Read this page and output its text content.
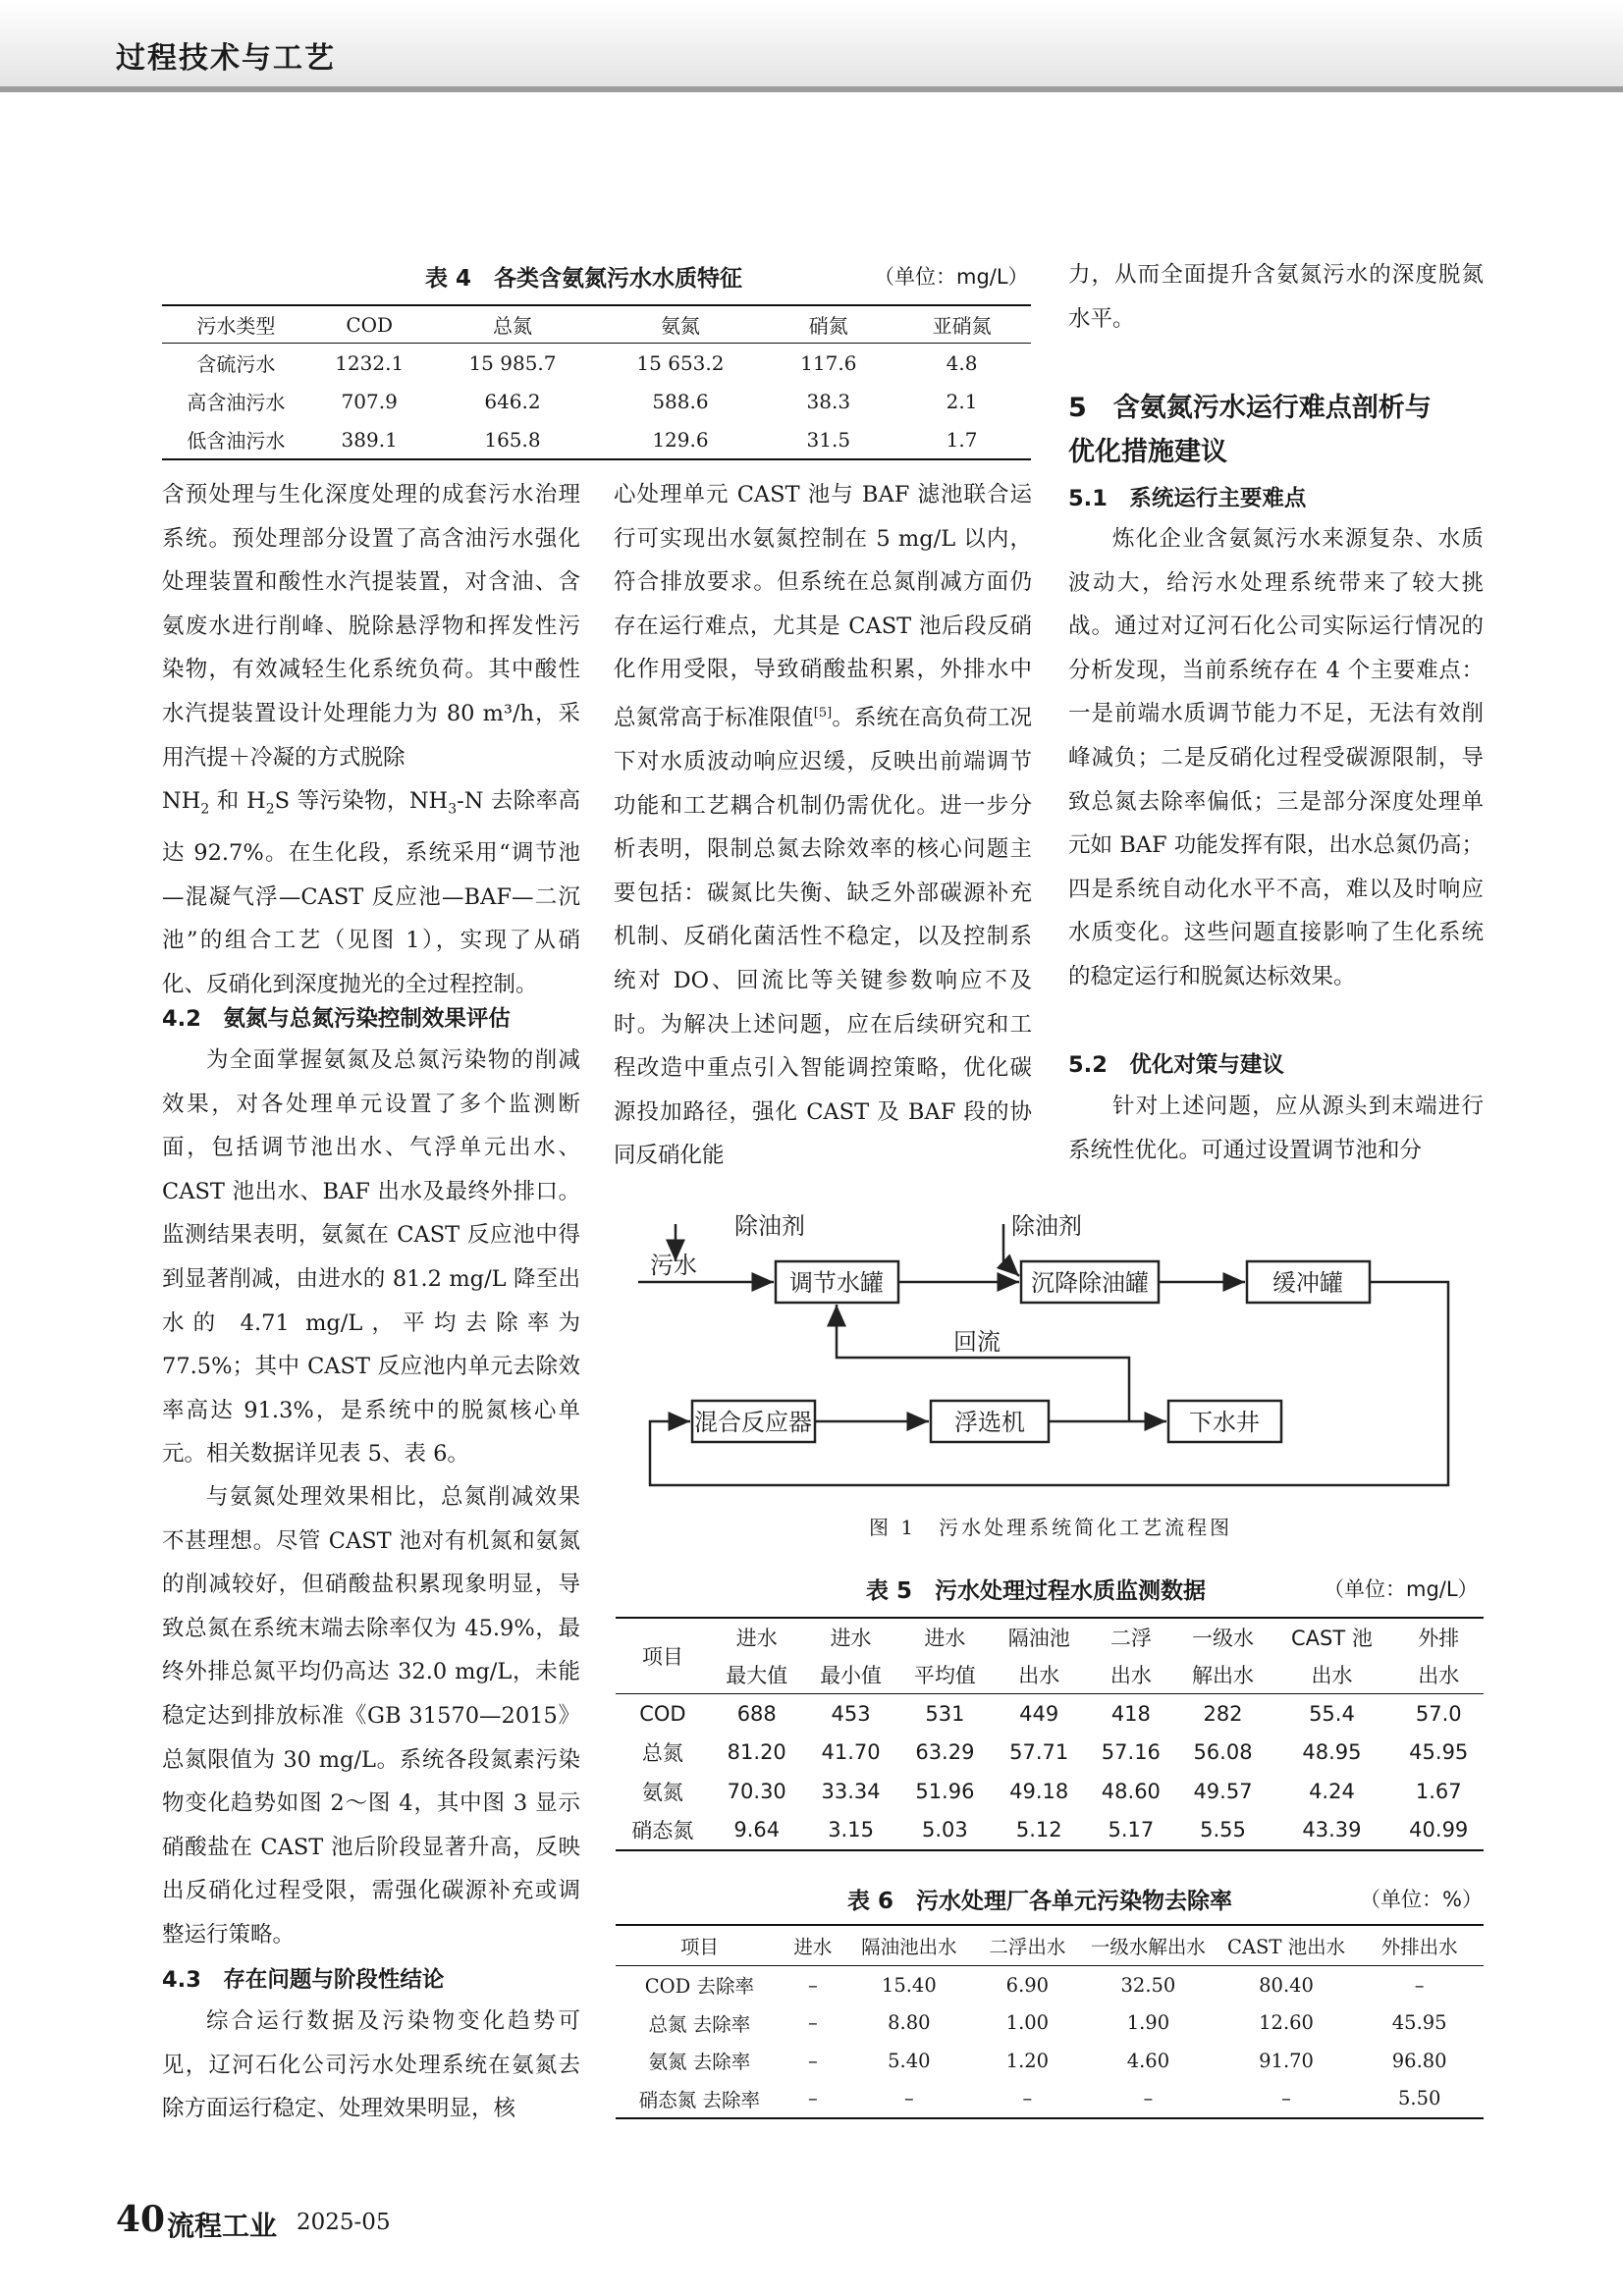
过程技术与工艺
表 4　各类含氨氮污水水质特征	（单位：mg/L）
污水类型	COD	总氮	氨氮	硝氮	亚硝氮
含硫污水	1232.1	15 985.7	15 653.2	117.6	4.8
高含油污水	707.9	646.2	588.6	38.3	2.1
低含油污水	389.1	165.8	129.6	31.5	1.7

含预处理与生化深度处理的成套污水治理系统。预处理部分设置了高含油污水强化处理装置和酸性水汽提装置，对含油、含氨废水进行削峰、脱除悬浮物和挥发性污染物，有效减轻生化系统负荷。其中酸性水汽提装置设计处理能力为 80 m³/h，采用汽提＋冷凝的方式脱除
$NH_2$ 和 $H_2S$ 等污染物，$NH_3-N$ 去除率高达 92.7%。在生化段，系统采用“调节池—混凝气浮—CAST 反应池—BAF—二沉池”的组合工艺（见图 1），实现了从硝化、反硝化到深度抛光的全过程控制。

4.2　氨氮与总氮污染控制效果评估

为全面掌握氨氮及总氮污染物的削减效果，对各处理单元设置了多个监测断面，包括调节池出水、气浮单元出水、CAST 池出水、BAF 出水及最终外排口。监测结果表明，氨氮在 CAST 反应池中得到显著削减，由进水的 81.2 mg/L 降至出水的 4.71 mg/L，平均去除率为 77.5%；其中 CAST 反应池内单元去除效率高达 91.3%，是系统中的脱氮核心单元。相关数据详见表 5、表 6。

与氨氮处理效果相比，总氮削减效果不甚理想。尽管 CAST 池对有机氮和氨氮的削减较好，但硝酸盐积累现象明显，导致总氮在系统末端去除率仅为 45.9%，最终外排总氮平均仍高达 32.0 mg/L，未能稳定达到排放标准《GB 31570—2015》总氮限值为 30 mg/L。系统各段氮素污染物变化趋势如图 2～图 4，其中图 3 显示硝酸盐在 CAST 池后阶段显著升高，反映出反硝化过程受限，需强化碳源补充或调整运行策略。

4.3　存在问题与阶段性结论

综合运行数据及污染物变化趋势可见，辽河石化公司污水处理系统在氨氮去除方面运行稳定、处理效果明显，核

心处理单元 CAST 池与 BAF 滤池联合运行可实现出水氨氮控制在 5 mg/L 以内，符合排放要求。但系统在总氮削减方面仍存在运行难点，尤其是 CAST 池后段反硝化作用受限，导致硝酸盐积累，外排水中总氮常高于标准限值[5]。系统在高负荷工况下对水质波动响应迟缓，反映出前端调节功能和工艺耦合机制仍需优化。进一步分析表明，限制总氮去除效率的核心问题主要包括：碳氮比失衡、缺乏外部碳源补充机制、反硝化菌活性不稳定，以及控制系统对 DO、回流比等关键参数响应不及时。为解决上述问题，应在后续研究和工程改造中重点引入智能调控策略，优化碳源投加路径，强化 CAST 及 BAF 段的协同反硝化能

力，从而全面提升含氨氮污水的深度脱氮水平。

5　含氨氮污水运行难点剖析与
优化措施建议
5.1　系统运行主要难点

炼化企业含氨氮污水来源复杂、水质波动大，给污水处理系统带来了较大挑战。通过对辽河石化公司实际运行情况的分析发现，当前系统存在 4 个主要难点：一是前端水质调节能力不足，无法有效削峰减负；二是反硝化过程受碳源限制，导致总氮去除率偏低；三是部分深度处理单元如 BAF 功能发挥有限，出水总氮仍高；四是系统自动化水平不高，难以及时响应水质变化。这些问题直接影响了生化系统的稳定运行和脱氮达标效果。

5.2　优化对策与建议

针对上述问题，应从源头到末端进行系统性优化。可通过设置调节池和分

除油剂	除油剂
污水
调节水罐	沉降除油罐	缓冲罐
回流
混合反应器	浮选机	下水井
图 1　污水处理系统简化工艺流程图
表 5　污水处理过程水质监测数据	（单位：mg/L）
项目	进水	进水	进水	隔油池	二浮	一级水	CAST 池	外排
	最大值	最小值	平均值	出水	出水	解出水	出水	出水
COD	688	453	531	449	418	282	55.4	57.0
总氮	81.20	41.70	63.29	57.71	57.16	56.08	48.95	45.95
氨氮	70.30	33.34	51.96	49.18	48.60	49.57	4.24	1.67
硝态氮	9.64	3.15	5.03	5.12	5.17	5.55	43.39	40.99
表 6　污水处理厂各单元污染物去除率	（单位：%）
项目	进水	隔油池出水	二浮出水	一级水解出水	CAST 池出水	外排出水
COD 去除率	–	15.40	6.90	32.50	80.40	–
总氮 去除率	–	8.80	1.00	1.90	12.60	45.95
氨氮 去除率	–	5.40	1.20	4.60	91.70	96.80
硝态氮 去除率	–	–	–	–	–	5.50
40 流程工业 2025-05
